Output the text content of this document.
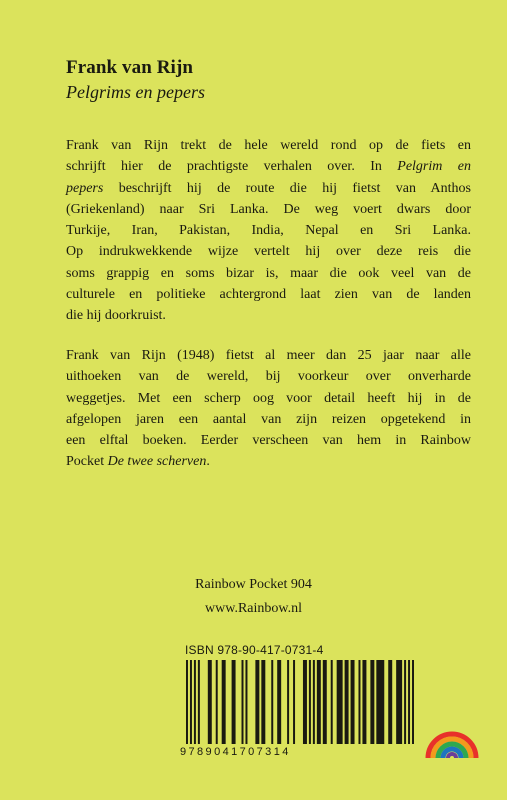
Frank van Rijn
Pelgrims en pepers
Frank van Rijn trekt de hele wereld rond op de fiets en
schrijft hier de prachtigste verhalen over. In Pelgrim en
pepers beschrijft hij de route die hij fietst van Anthos
(Griekenland) naar Sri Lanka. De weg voert dwars door
Turkije, Iran, Pakistan, India, Nepal en Sri Lanka.
Op indrukwekkende wijze vertelt hij over deze reis die
soms grappig en soms bizar is, maar die ook veel van de
culturele en politieke achtergrond laat zien van de landen
die hij doorkruist.
Frank van Rijn (1948) fietst al meer dan 25 jaar naar alle
uithoeken van de wereld, bij voorkeur over onverharde
weggetjes. Met een scherp oog voor detail heeft hij in de
afgelopen jaren een aantal van zijn reizen opgetekend in
een elftal boeken. Eerder verscheen van hem in Rainbow
Pocket De twee scherven.
Rainbow Pocket 904
www.Rainbow.nl
ISBN 978-90-417-0731-4
9789041707314
